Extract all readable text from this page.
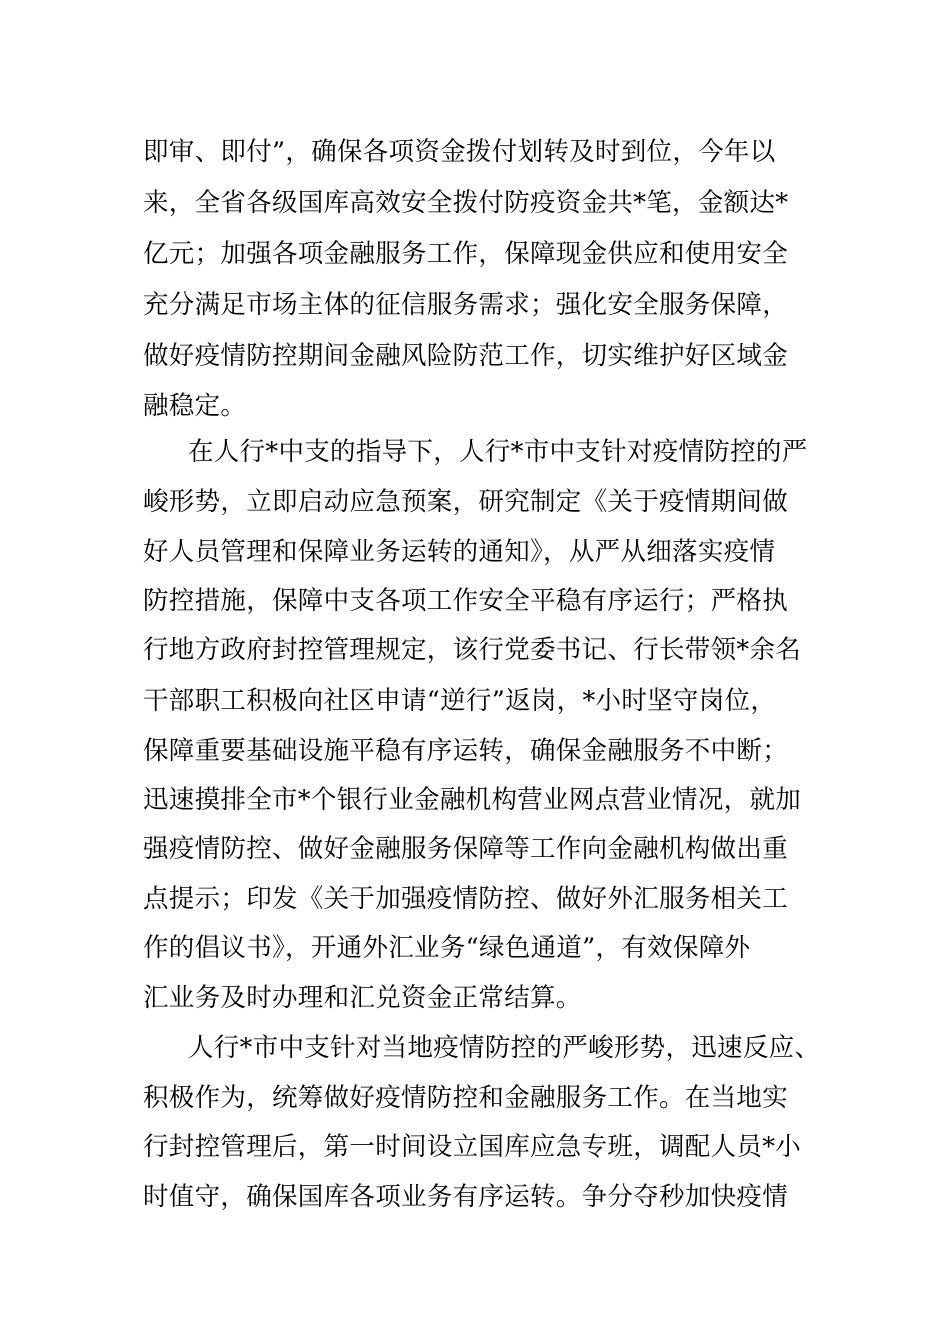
即审、即付”，确保各项资金拨付划转及时到位，今年以
来，全省各级国库高效安全拨付防疫资金共*笔，金额达*
亿元；加强各项金融服务工作，保障现金供应和使用安全
充分满足市场主体的征信服务需求；强化安全服务保障，
做好疫情防控期间金融风险防范工作，切实维护好区域金
融稳定。
在人行*中支的指导下，人行*市中支针对疫情防控的严
峻形势，立即启动应急预案，研究制定《关于疫情期间做
好人员管理和保障业务运转的通知》，从严从细落实疫情
防控措施，保障中支各项工作安全平稳有序运行；严格执
行地方政府封控管理规定，该行党委书记、行长带领*余名
干部职工积极向社区申请“逆行”返岗，*小时坚守岗位，
保障重要基础设施平稳有序运转，确保金融服务不中断；
迅速摸排全市*个银行业金融机构营业网点营业情况，就加
强疫情防控、做好金融服务保障等工作向金融机构做出重
点提示；印发《关于加强疫情防控、做好外汇服务相关工
作的倡议书》，开通外汇业务“绿色通道”，有效保障外
汇业务及时办理和汇兑资金正常结算。
人行*市中支针对当地疫情防控的严峻形势，迅速反应、
积极作为，统筹做好疫情防控和金融服务工作。在当地实
行封控管理后，第一时间设立国库应急专班，调配人员*小
时值守，确保国库各项业务有序运转。争分夺秒加快疫情
